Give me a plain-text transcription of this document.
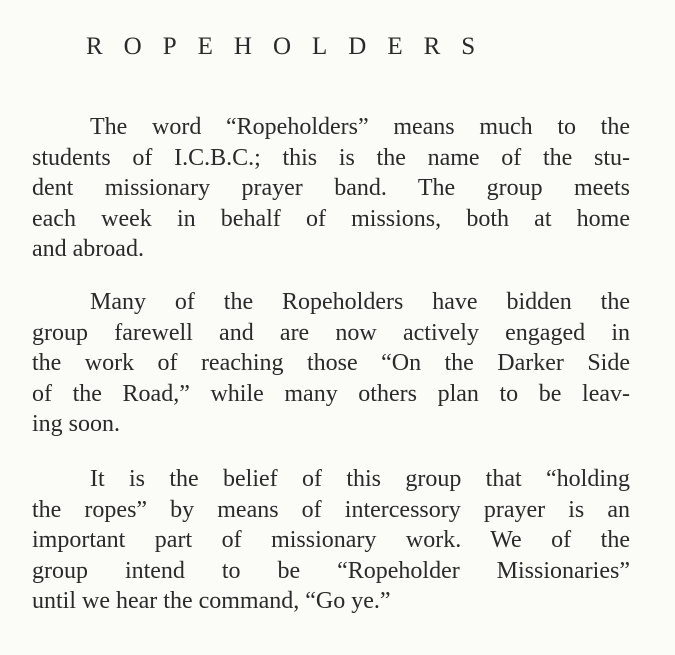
ROPEHOLDERS

The word “Ropeholders” means much to the
students of I.C.B.C.; this is the name of the stu-
dent missionary prayer band. The group meets
each week in behalf of missions, both at home
and abroad.

Many of the Ropeholders have bidden the
group farewell and are now actively engaged in
the work of reaching those “On the Darker Side
of the Road,” while many others plan to be leav-
ing soon.

It is the belief of this group that “holding
the ropes” by means of intercessory prayer is an
important part of missionary work. We of the
group intend to be “Ropeholder Missionaries”
until we hear the command, “Go ye.”
